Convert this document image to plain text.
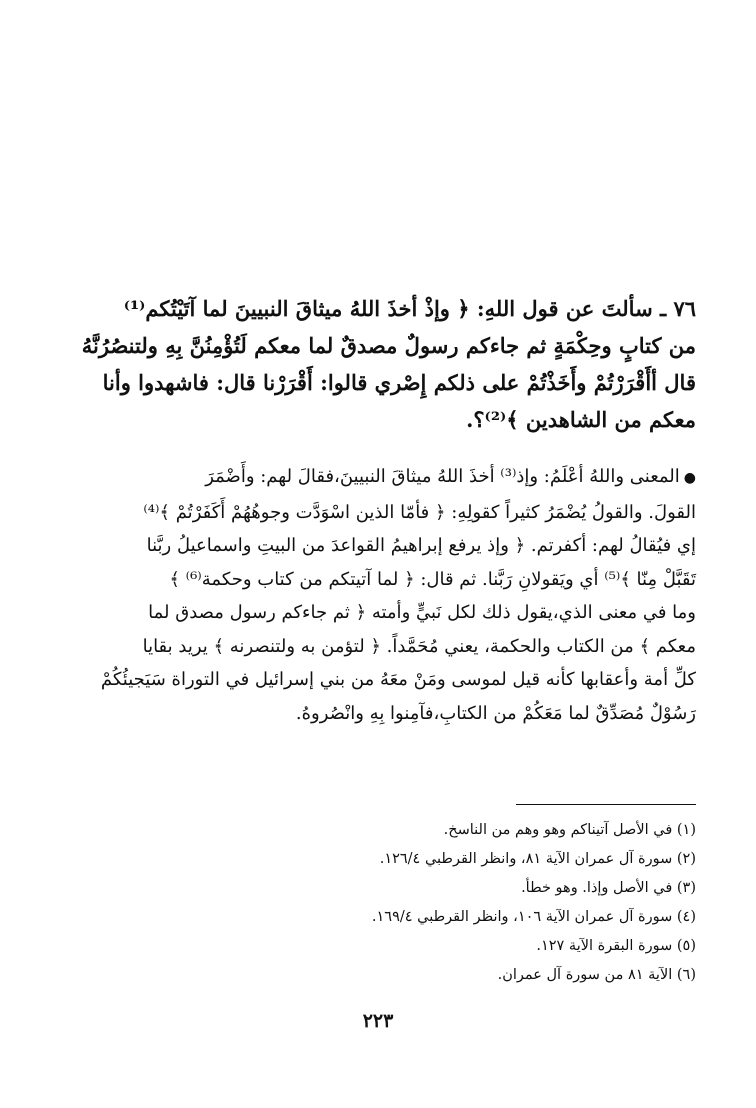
٧٦ ـ سألتَ عن قول اللهِ: ﴿ وإذْ أخذَ اللهُ ميثاقَ النبيينَ لما آتَيْتُكم⁽¹⁾
من كتابٍ وحِكْمَةٍ ثم جاءكم رسولٌ مصدقٌ لما معكم لَتُؤْمِنُنَّ بِهِ ولتنصُرُنَّهُ
قال أأَقْرَرْتُمْ وأَخَذْتُمْ على ذلكم إِصْري قالوا: أَقْرَرْنا قال: فاشهدوا وأنا
معكم من الشاهدين ﴾⁽²⁾؟.
●المعنى واللهُ أعْلَمُ: وإذ⁽³⁾ أخذَ اللهُ ميثاقَ النبيينَ،فقالَ لهم: وأَضْمَرَ
القولَ. والقولُ يُضْمَرُ كثيراً كقولِهِ: ﴿ فأمّا الذين اسْوَدَّت وجوهُهُمْ أَكَفَرْتُمْ ﴾⁽⁴⁾
إي فيُقالُ لهم: أكفرتم. ﴿ وإذ يرفع إبراهيمُ القواعدَ من البيتِ واسماعيلُ ربَّنا
تَقَبَّلْ مِنّا ﴾⁽⁵⁾ أي ويَقولانِ رَبَّنا. ثم قال: ﴿ لما آتيتكم من كتاب وحكمة⁽⁶⁾ ﴾
وما في معنى الذي،يقول ذلك لكل نَبيٍّ وأمته ﴿ ثم جاءكم رسول مصدق لما
معكم ﴾ من الكتاب والحكمة، يعني مُحَمَّداً. ﴿ لتؤمن به ولتنصرنه ﴾ يريد بقايا
كلِّ أمة وأعقابها كأنه قيل لموسى ومَنْ معَهُ من بني إسرائيل في التوراة سَيَجيئُكُمْ
رَسُوْلٌ مُصَدِّقٌ لما مَعَكُمْ من الكتابِ،فآمِنوا بِهِ وانْصُروهُ.
(١) في الأصل آتيناكم وهو وهم من الناسخ.
(٢) سورة آل عمران الآية ٨١، وانظر القرطبي ١٢٦/٤.
(٣) في الأصل وإذا. وهو خطأ.
(٤) سورة آل عمران الآية ١٠٦، وانظر القرطبي ١٦٩/٤.
(٥) سورة البقرة الآية ١٢٧.
(٦) الآية ٨١ من سورة آل عمران.
٢٢٣
